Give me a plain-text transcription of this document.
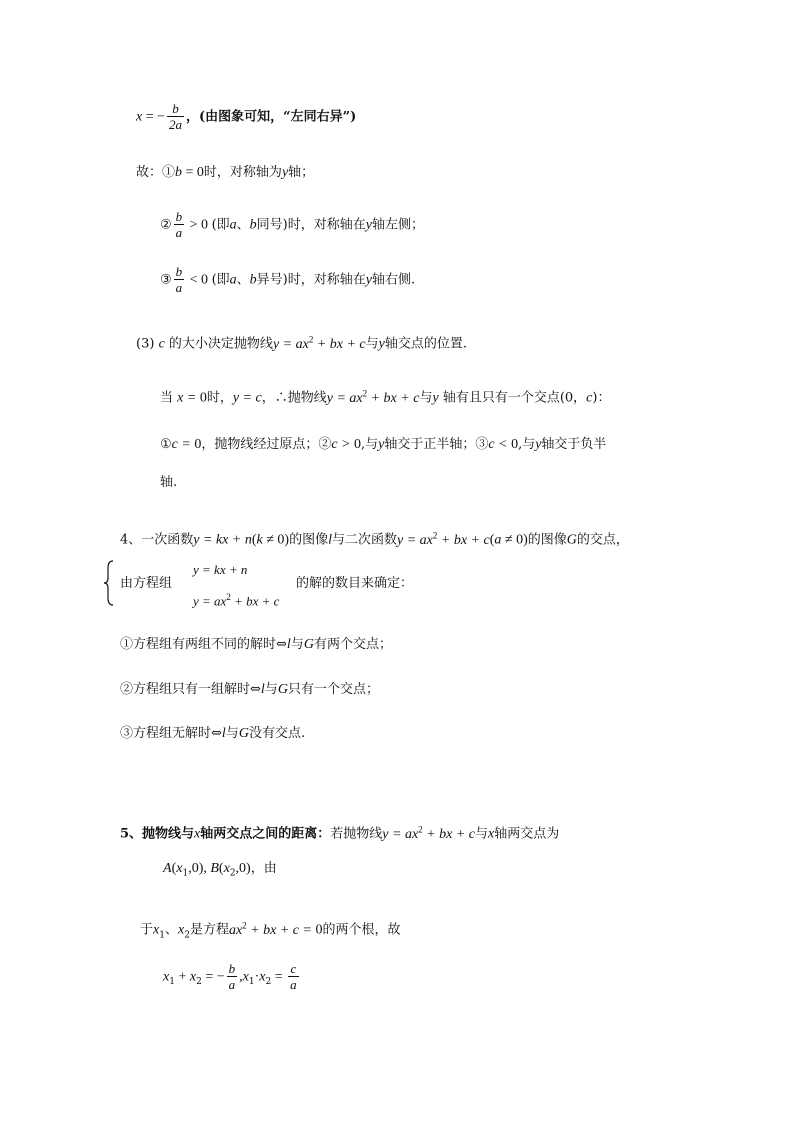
x = − $\frac{b}{2a}$ ，(由图象可知，“左同右异”)
故：①b = 0时，对称轴为y轴；
② $\frac{b}{a} > 0$ (即a、b同号)时，对称轴在y轴左侧；
③ $\frac{b}{a} < 0$ (即a、b异号)时，对称轴在y轴右侧.
(3) c 的大小决定抛物线$y = ax^2$ + bx + c与y轴交点的位置.
当 x = 0时，y = c，∴抛物线$y = ax^2$ + bx + c与y 轴有且只有一个交点(0，c)：
①c = 0，抛物线经过原点；②c > 0,与y轴交于正半轴；③c < 0,与y轴交于负半
轴.
4、一次函数y = kx + n(k ≠ 0)的图像l与二次函数$y = ax^2$ + bx + c(a ≠ 0)的图像G的交点，
由方程组
y = kx + n
$y = ax^2$ + bx + c
的解的数目来确定：
①方程组有两组不同的解时⇔l与G有两个交点；
②方程组只有一组解时⇔l与G只有一个交点；
③方程组无解时⇔l与G没有交点.
5、抛物线与x轴两交点之间的距离：若抛物线$y = ax^2$ + bx + c与x轴两交点为
$A(x_1,0)$, $B(x_2,0)$，由
于$x_1$、$x_2$是方程$ax^2$ + bx + c = 0的两个根，故
$x_1 + x_2$ = − $\frac{b}{a} ,x_1\cdot x_2 = \frac{c}{a}$
